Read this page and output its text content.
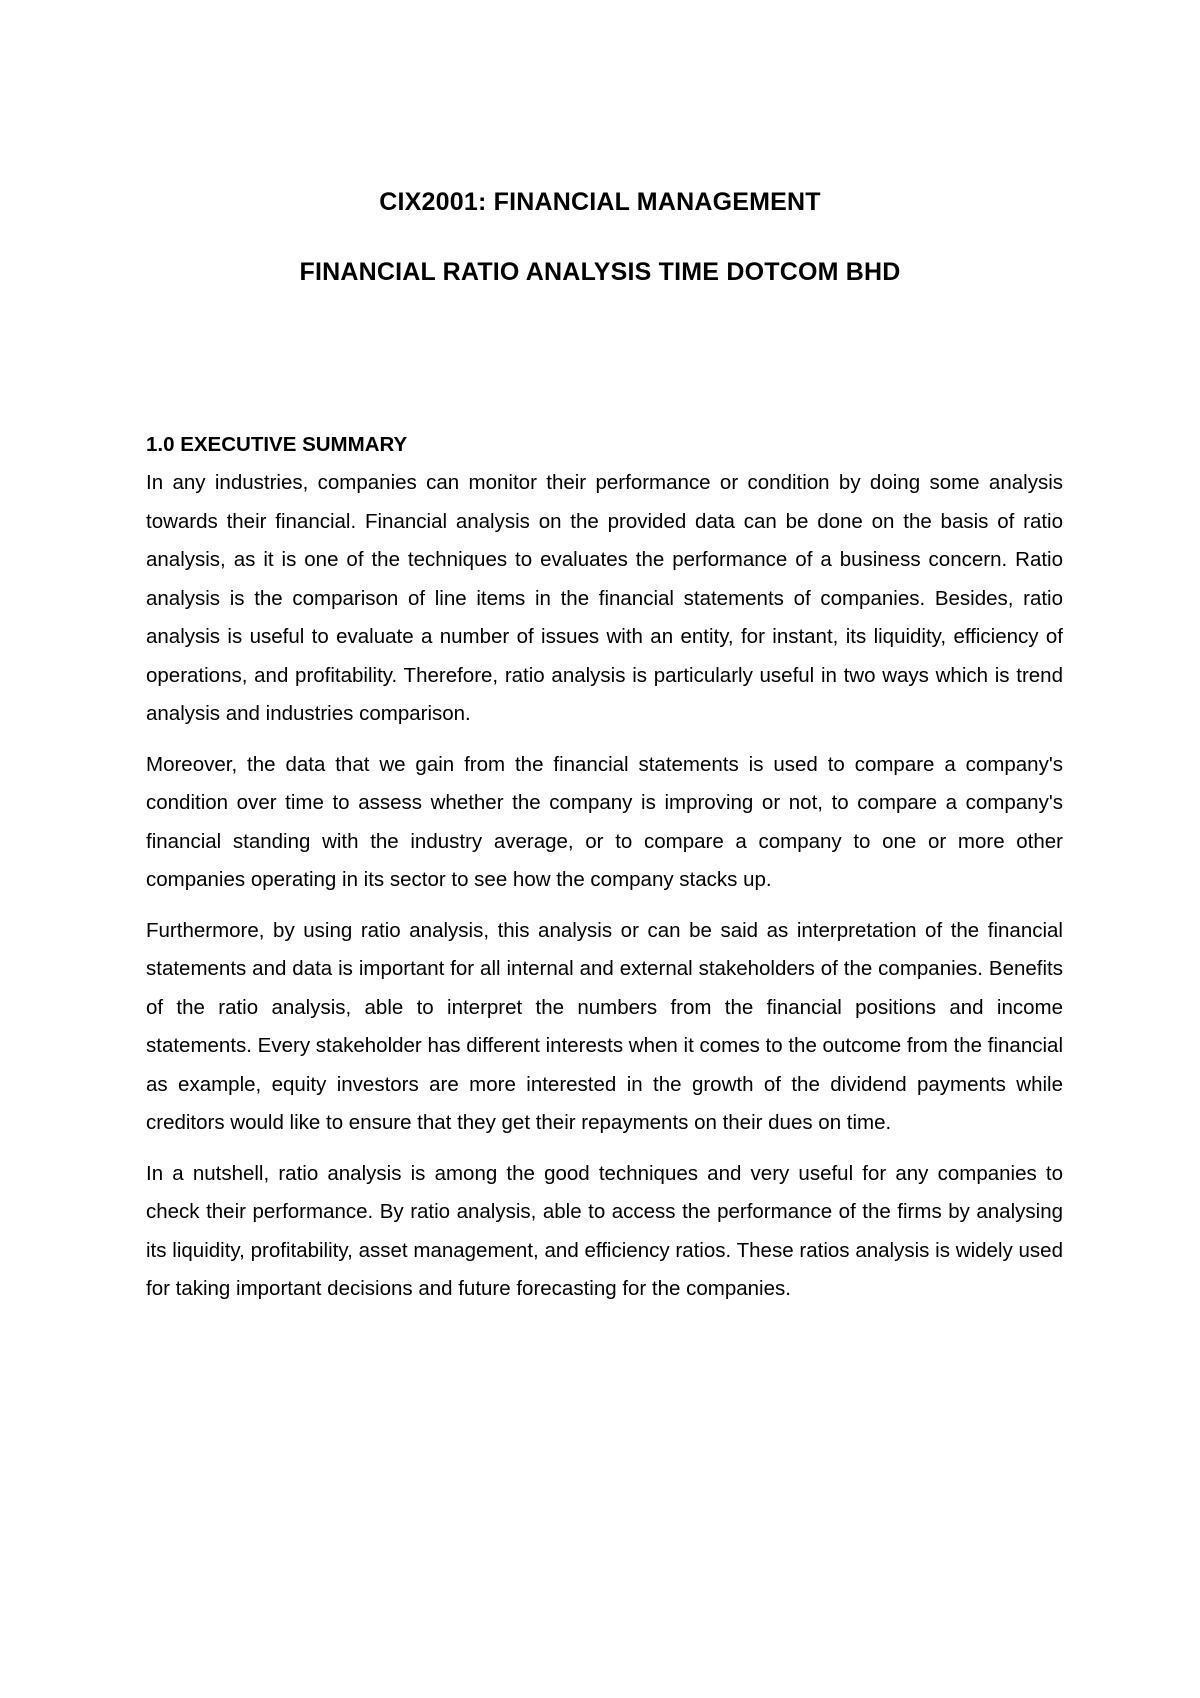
CIX2001: FINANCIAL MANAGEMENT
FINANCIAL RATIO ANALYSIS TIME DOTCOM BHD
1.0 EXECUTIVE SUMMARY

In any industries, companies can monitor their performance or condition by doing some analysis towards their financial. Financial analysis on the provided data can be done on the basis of ratio analysis, as it is one of the techniques to evaluates the performance of a business concern. Ratio analysis is the comparison of line items in the financial statements of companies. Besides, ratio analysis is useful to evaluate a number of issues with an entity, for instant, its liquidity, efficiency of operations, and profitability. Therefore, ratio analysis is particularly useful in two ways which is trend analysis and industries comparison.

Moreover, the data that we gain from the financial statements is used to compare a company's condition over time to assess whether the company is improving or not, to compare a company's financial standing with the industry average, or to compare a company to one or more other companies operating in its sector to see how the company stacks up.

Furthermore, by using ratio analysis, this analysis or can be said as interpretation of the financial statements and data is important for all internal and external stakeholders of the companies. Benefits of the ratio analysis, able to interpret the numbers from the financial positions and income statements. Every stakeholder has different interests when it comes to the outcome from the financial as example, equity investors are more interested in the growth of the dividend payments while creditors would like to ensure that they get their repayments on their dues on time.

In a nutshell, ratio analysis is among the good techniques and very useful for any companies to check their performance. By ratio analysis, able to access the performance of the firms by analysing its liquidity, profitability, asset management, and efficiency ratios. These ratios analysis is widely used for taking important decisions and future forecasting for the companies.
